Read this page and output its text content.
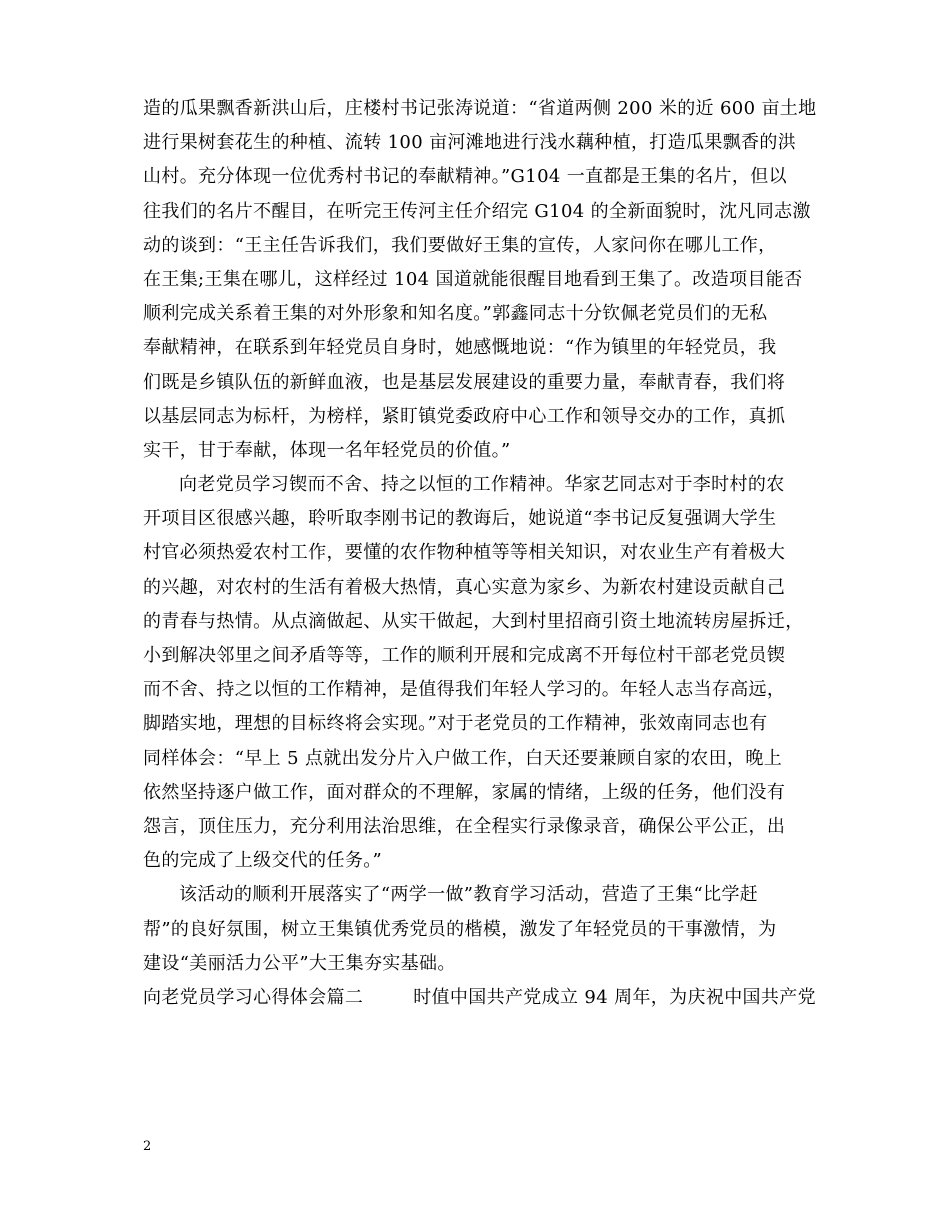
造的瓜果飘香新洪山后，庄楼村书记张涛说道：“省道两侧 200 米的近 600 亩土地
进行果树套花生的种植、流转 100 亩河滩地进行浅水藕种植，打造瓜果飘香的洪
山村。充分体现一位优秀村书记的奉献精神。”G104 一直都是王集的名片，但以
往我们的名片不醒目，在听完王传河主任介绍完 G104 的全新面貌时，沈凡同志激
动的谈到：“王主任告诉我们，我们要做好王集的宣传，人家问你在哪儿工作，
在王集;王集在哪儿，这样经过 104 国道就能很醒目地看到王集了。改造项目能否
顺利完成关系着王集的对外形象和知名度。”郭鑫同志十分钦佩老党员们的无私
奉献精神，在联系到年轻党员自身时，她感慨地说：“作为镇里的年轻党员，我
们既是乡镇队伍的新鲜血液，也是基层发展建设的重要力量，奉献青春，我们将
以基层同志为标杆，为榜样，紧盯镇党委政府中心工作和领导交办的工作，真抓
实干，甘于奉献，体现一名年轻党员的价值。”
向老党员学习锲而不舍、持之以恒的工作精神。华家艺同志对于李时村的农
开项目区很感兴趣，聆听取李刚书记的教诲后，她说道“李书记反复强调大学生
村官必须热爱农村工作，要懂的农作物种植等等相关知识，对农业生产有着极大
的兴趣，对农村的生活有着极大热情，真心实意为家乡、为新农村建设贡献自己
的青春与热情。从点滴做起、从实干做起，大到村里招商引资土地流转房屋拆迁，
小到解决邻里之间矛盾等等，工作的顺利开展和完成离不开每位村干部老党员锲
而不舍、持之以恒的工作精神，是值得我们年轻人学习的。年轻人志当存高远，
脚踏实地，理想的目标终将会实现。”对于老党员的工作精神，张效南同志也有
同样体会：“早上 5 点就出发分片入户做工作，白天还要兼顾自家的农田，晚上
依然坚持逐户做工作，面对群众的不理解，家属的情绪，上级的任务，他们没有
怨言，顶住压力，充分利用法治思维，在全程实行录像录音，确保公平公正，出
色的完成了上级交代的任务。”
该活动的顺利开展落实了“两学一做”教育学习活动，营造了王集“比学赶
帮”的良好氛围，树立王集镇优秀党员的楷模，激发了年轻党员的干事激情，为
建设“美丽活力公平”大王集夯实基础。
向老党员学习心得体会篇二	时值中国共产党成立 94 周年，为庆祝中国共产党
2
